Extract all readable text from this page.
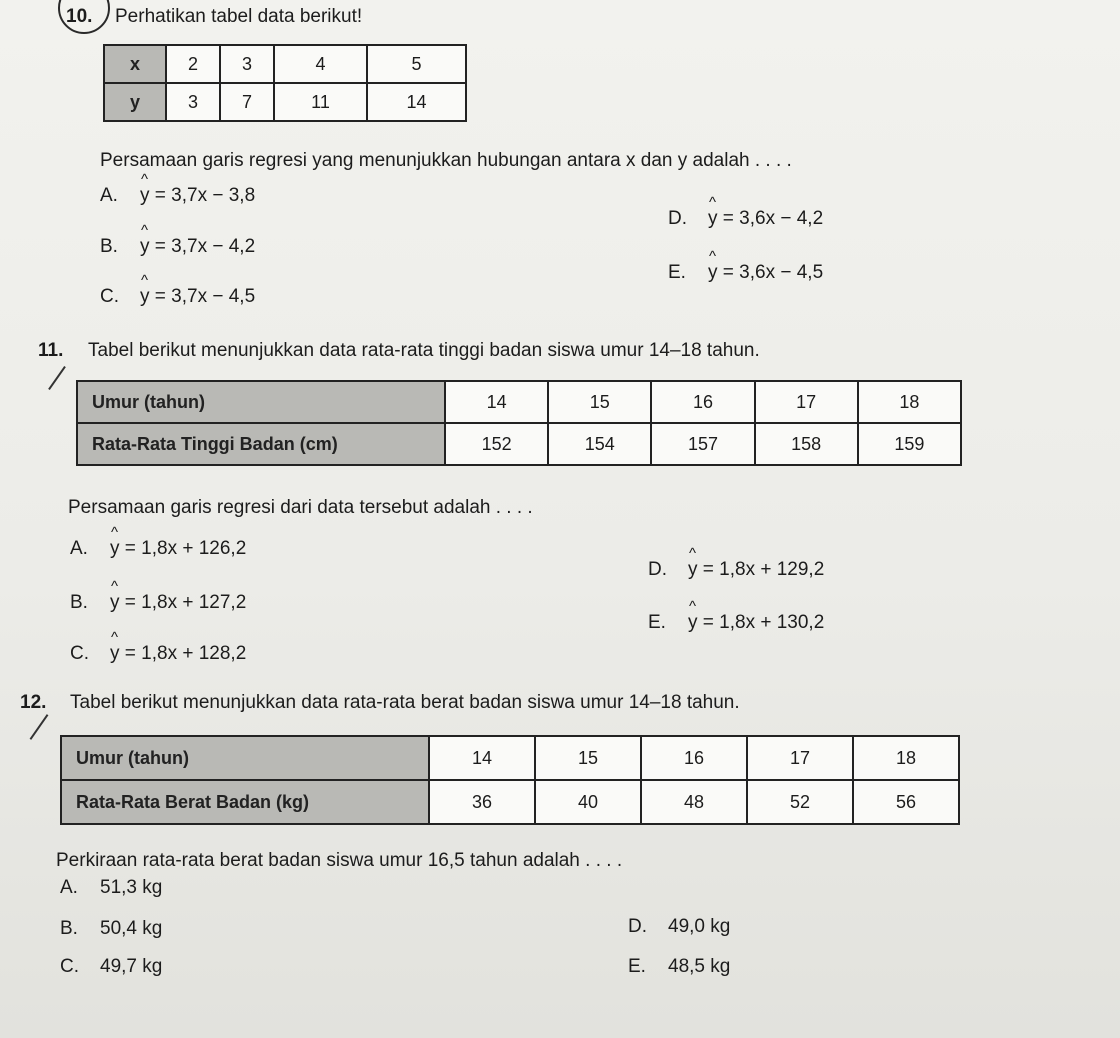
10. Perhatikan tabel data berikut!
x	2	3	4	5
y	3	7	11	14
Persamaan garis regresi yang menunjukkan hubungan antara x dan y adalah . . . .
A. ^ y = 3,7x − 3,8
B. ^ y = 3,7x − 4,2
C. ^ y = 3,7x − 4,5
D. ^ y = 3,6x − 4,2
E. ^ y = 3,6x − 4,5
11. Tabel berikut menunjukkan data rata-rata tinggi badan siswa umur 14–18 tahun.
Umur (tahun)	14	15	16	17	18
Rata-Rata Tinggi Badan (cm)	152	154	157	158	159
Persamaan garis regresi dari data tersebut adalah . . . .
A. ^ y = 1,8x + 126,2
B. ^ y = 1,8x + 127,2
C. ^ y = 1,8x + 128,2
D. ^ y = 1,8x + 129,2
E. ^ y = 1,8x + 130,2
12. Tabel berikut menunjukkan data rata-rata berat badan siswa umur 14–18 tahun.
Umur (tahun)	14	15	16	17	18
Rata-Rata Berat Badan (kg)	36	40	48	52	56
Perkiraan rata-rata berat badan siswa umur 16,5 tahun adalah . . . .
A. 51,3 kg
B. 50,4 kg
C. 49,7 kg
D. 49,0 kg
E. 48,5 kg
